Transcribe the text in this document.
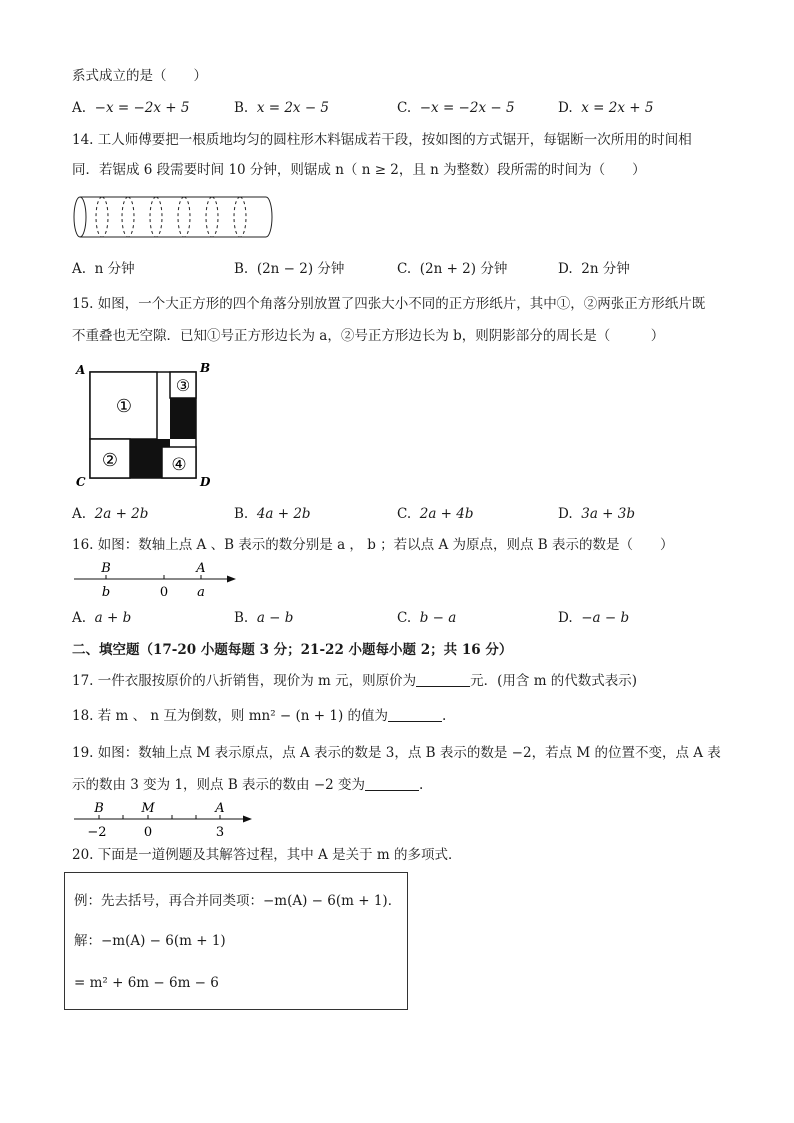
系式成立的是（　　）
A. −x = −2x + 5	B. x = 2x − 5	C. −x = −2x − 5	D. x = 2x + 5
14. 工人师傅要把一根质地均匀的圆柱形木料锯成若干段，按如图的方式锯开，每锯断一次所用的时间相
同．若锯成 6 段需要时间 10 分钟，则锯成 n（ n ≥ 2，且 n 为整数）段所需的时间为（　　）
A. n 分钟	B. (2n − 2) 分钟	C. (2n + 2) 分钟	D. 2n 分钟
15. 如图，一个大正方形的四个角落分别放置了四张大小不同的正方形纸片，其中①，②两张正方形纸片既
不重叠也无空隙．已知①号正方形边长为 a，②号正方形边长为 b，则阴影部分的周长是（　　　）
①
②
③
④
A	B
C	D
A. 2a + 2b	B. 4a + 2b	C. 2a + 4b	D. 3a + 3b
16. 如图：数轴上点 A 、B 表示的数分别是 a ， b ；若以点 A 为原点，则点 B 表示的数是（　　）
B	A
b	0 a
A. a + b	B. a − b	C. b − a	D. −a − b
二、填空题（17-20 小题每题 3 分；21-22 小题每小题 2；共 16 分）
17. 一件衣服按原价的八折销售，现价为 m 元，则原价为	元．(用含 m 的代数式表示)
18. 若 m 、 n 互为倒数，则 mn² − (n + 1) 的值为	.
19. 如图：数轴上点 M 表示原点，点 A 表示的数是 3，点 B 表示的数是 −2，若点 M 的位置不变，点 A 表
示的数由 3 变为 1，则点 B 表示的数由 −2 变为	.
B	M	A
−2	0	3
20. 下面是一道例题及其解答过程，其中 A 是关于 m 的多项式．
例：先去括号，再合并同类项：−m(A) − 6(m + 1)．
解：−m(A) − 6(m + 1)
= m² + 6m − 6m − 6
